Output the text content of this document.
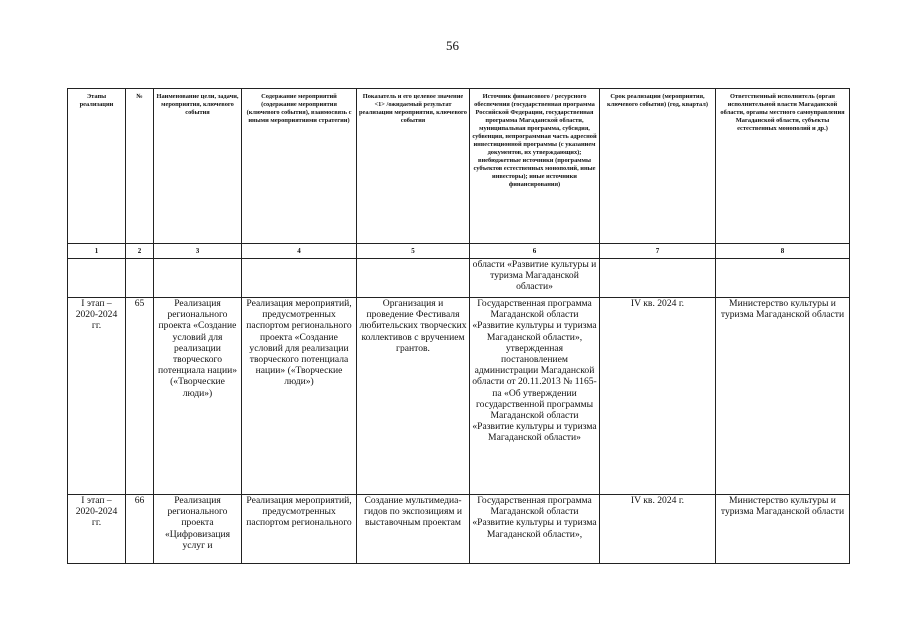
56
Этапы реализации	№	Наименование цели, задачи, мероприятия, ключевого события	Содержание мероприятий (содержание мероприятия (ключевого события), взаимосвязь с иными мероприятиями стратегии)	Показатель и его целевое значение <1> /ожидаемый результат реализации мероприятия, ключевого события	Источник финансового / ресурсного обеспечения (государственная программа Российской Федерации, государственная программа Магаданской области, муниципальная программа, субсидия, субвенция, непрограммная часть адресной инвестиционной программы (с указанием документов, их утверждающих); внебюджетные источники (программы субъектов естественных монополий, иные инвесторы); иные источники финансирования)	Срок реализации (мероприятия, ключевого события) (год, квартал)	Ответственный исполнитель (орган исполнительной власти Магаданской области, органы местного самоуправления Магаданской области, субъекты естественных монополий и др.)
1	2	3	4	5	6	7	8
					области «Развитие культуры и туризма Магаданской области»		
I этап – 2020-2024 гг.	65	Реализация регионального проекта «Создание условий для реализации творческого потенциала нации» («Творческие люди»)	Реализация мероприятий, предусмотренных паспортом регионального проекта «Создание условий для реализации творческого потенциала нации» («Творческие люди»)	Организация и проведение Фестиваля любительских творческих коллективов с вручением грантов.	Государственная программа Магаданской области «Развитие культуры и туризма Магаданской области», утвержденная постановлением администрации Магаданской области от 20.11.2013 № 1165-па «Об утверждении государственной программы Магаданской области «Развитие культуры и туризма Магаданской области»	IV кв. 2024 г.	Министерство культуры и туризма Магаданской области
I этап – 2020-2024 гг.	66	Реализация регионального проекта «Цифровизация услуг и	Реализация мероприятий, предусмотренных паспортом регионального	Создание мультимедиа-гидов по экспозициям и выставочным проектам	Государственная программа Магаданской области «Развитие культуры и туризма Магаданской области»,	IV кв. 2024 г.	Министерство культуры и туризма Магаданской области
